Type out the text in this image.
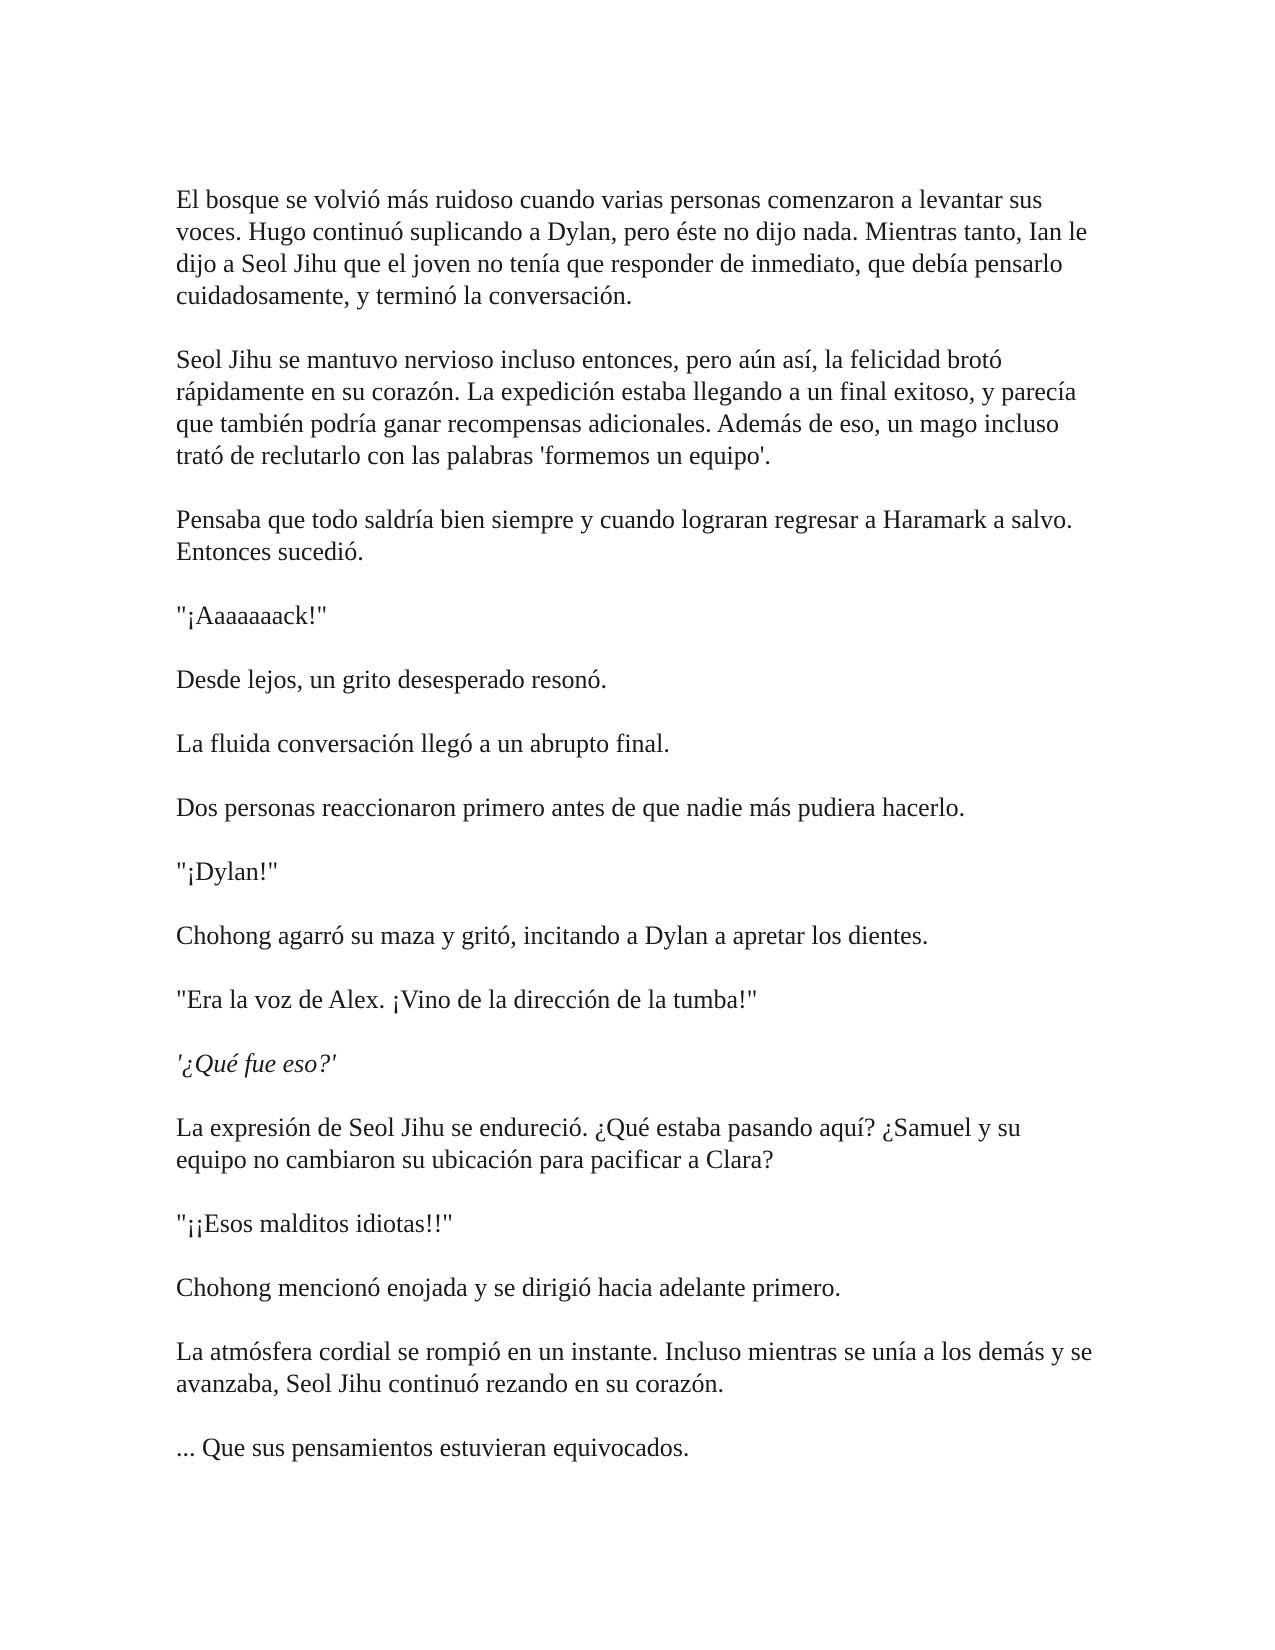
El bosque se volvió más ruidoso cuando varias personas comenzaron a levantar sus voces. Hugo continuó suplicando a Dylan, pero éste no dijo nada. Mientras tanto, Ian le dijo a Seol Jihu que el joven no tenía que responder de inmediato, que debía pensarlo cuidadosamente, y terminó la conversación.

Seol Jihu se mantuvo nervioso incluso entonces, pero aún así, la felicidad brotó rápidamente en su corazón. La expedición estaba llegando a un final exitoso, y parecía que también podría ganar recompensas adicionales. Además de eso, un mago incluso trató de reclutarlo con las palabras 'formemos un equipo'.

Pensaba que todo saldría bien siempre y cuando lograran regresar a Haramark a salvo. Entonces sucedió.

"¡Aaaaaaack!"

Desde lejos, un grito desesperado resonó.

La fluida conversación llegó a un abrupto final.

Dos personas reaccionaron primero antes de que nadie más pudiera hacerlo.

"¡Dylan!"

Chohong agarró su maza y gritó, incitando a Dylan a apretar los dientes.

"Era la voz de Alex. ¡Vino de la dirección de la tumba!"

'¿Qué fue eso?'

La expresión de Seol Jihu se endureció. ¿Qué estaba pasando aquí? ¿Samuel y su equipo no cambiaron su ubicación para pacificar a Clara?

"¡¡Esos malditos idiotas!!"

Chohong mencionó enojada y se dirigió hacia adelante primero.

La atmósfera cordial se rompió en un instante. Incluso mientras se unía a los demás y se avanzaba, Seol Jihu continuó rezando en su corazón.

... Que sus pensamientos estuvieran equivocados.
